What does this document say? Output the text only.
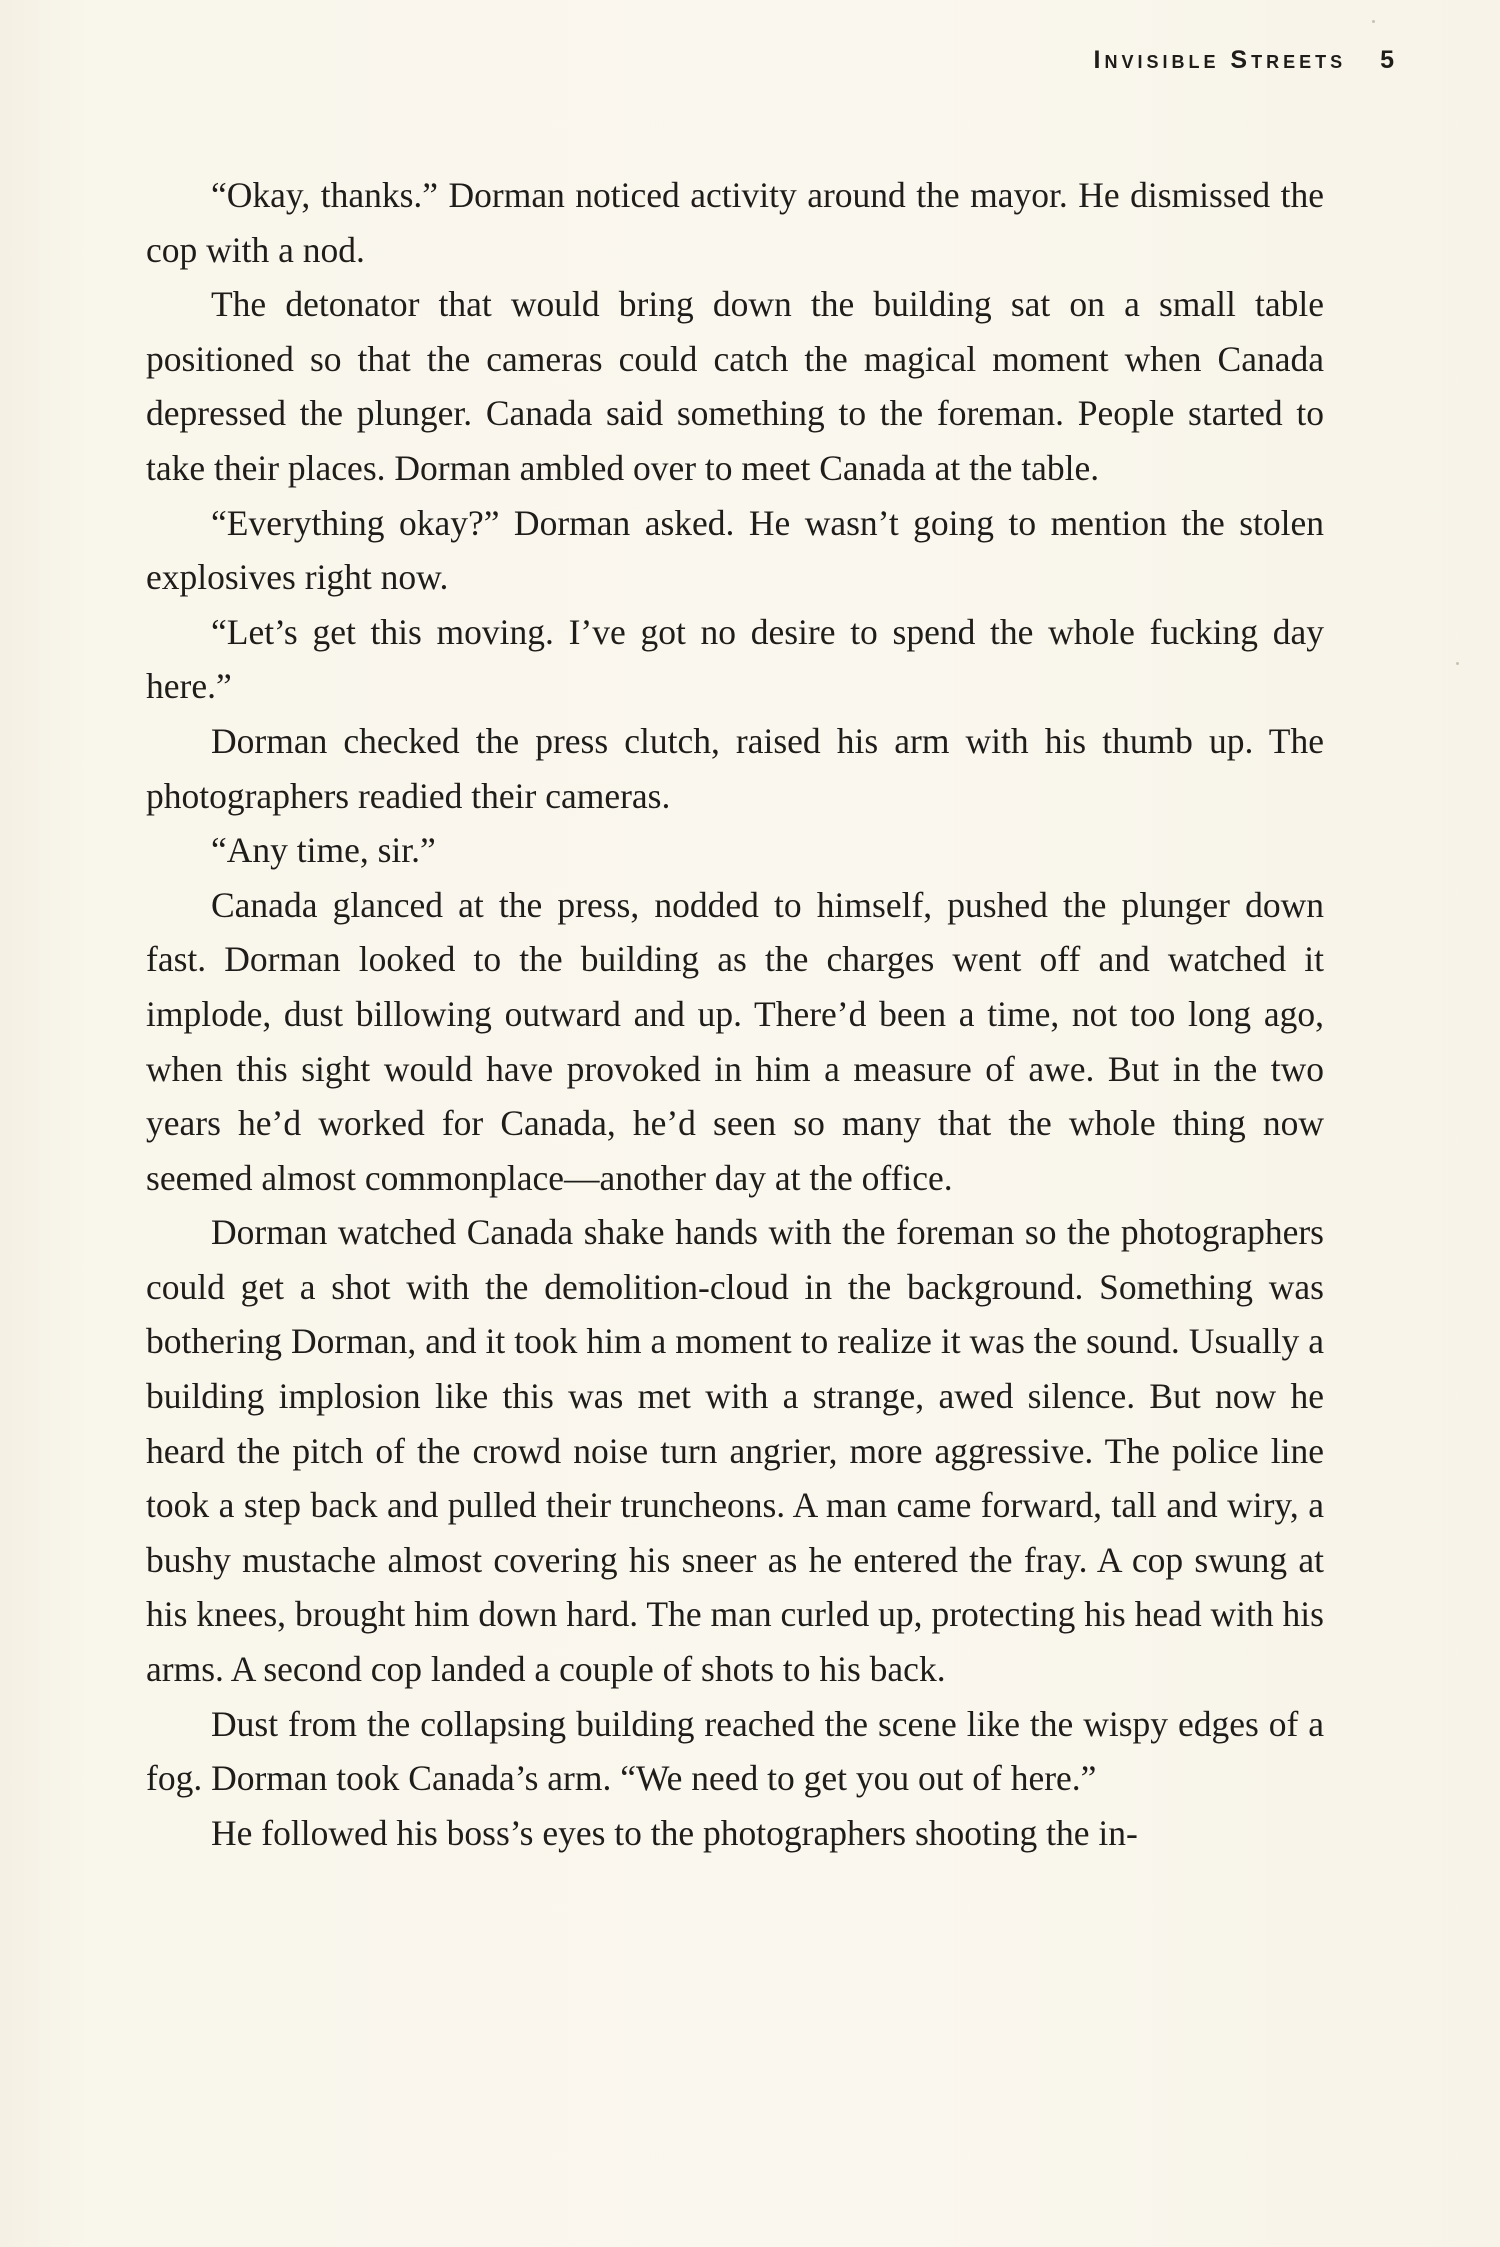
Invisible Streets 5

“Okay, thanks.” Dorman noticed activity around the mayor. He dismissed the cop with a nod.

The detonator that would bring down the building sat on a small table positioned so that the cameras could catch the magical moment when Canada depressed the plunger. Canada said something to the foreman. People started to take their places. Dorman ambled over to meet Canada at the table.

“Everything okay?” Dorman asked. He wasn’t going to mention the stolen explosives right now.

“Let’s get this moving. I’ve got no desire to spend the whole fucking day here.”

Dorman checked the press clutch, raised his arm with his thumb up. The photographers readied their cameras.

“Any time, sir.”

Canada glanced at the press, nodded to himself, pushed the plunger down fast. Dorman looked to the building as the charges went off and watched it implode, dust billowing outward and up. There’d been a time, not too long ago, when this sight would have provoked in him a measure of awe. But in the two years he’d worked for Canada, he’d seen so many that the whole thing now seemed almost commonplace—another day at the office.

Dorman watched Canada shake hands with the foreman so the photographers could get a shot with the demolition-cloud in the background. Something was bothering Dorman, and it took him a moment to realize it was the sound. Usually a building implosion like this was met with a strange, awed silence. But now he heard the pitch of the crowd noise turn angrier, more aggressive. The police line took a step back and pulled their truncheons. A man came forward, tall and wiry, a bushy mustache almost covering his sneer as he entered the fray. A cop swung at his knees, brought him down hard. The man curled up, protecting his head with his arms. A second cop landed a couple of shots to his back.

Dust from the collapsing building reached the scene like the wispy edges of a fog. Dorman took Canada’s arm. “We need to get you out of here.”

He followed his boss’s eyes to the photographers shooting the in-
